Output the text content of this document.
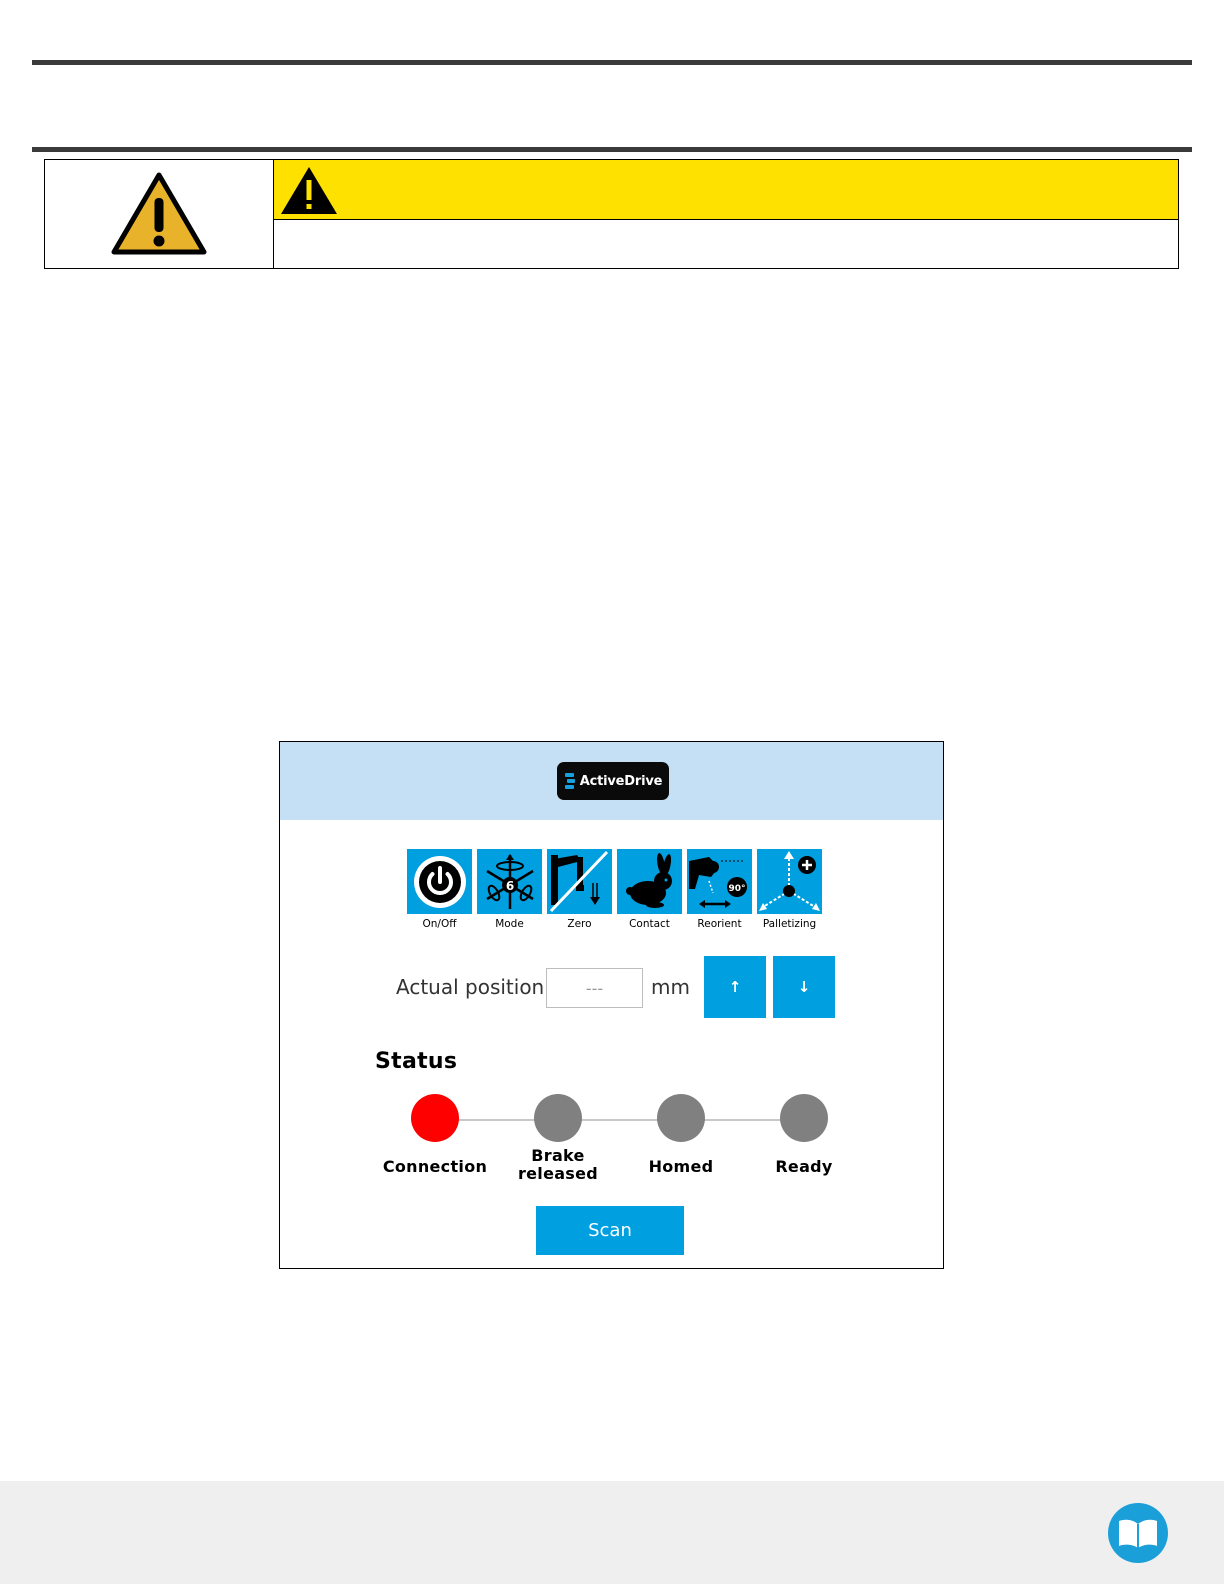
ActiveDrive
On/Off
6
Mode	Zero	Contact
90°
Reorient Palletizing
Actual position
---	mm	↑	↓
Status
Connection
Brake
released	Homed	Ready
Scan
